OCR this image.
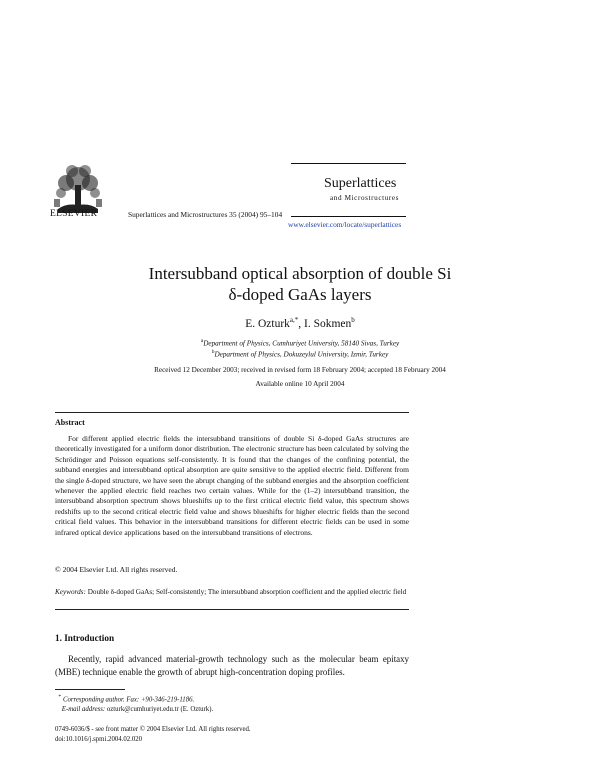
ELSEVIER	Superlattices and Microstructures 35 (2004) 95–104
Superlattices
and Microstructures
www.elsevier.com/locate/superlattices
Intersubband optical absorption of double Si
δ-doped GaAs layers
E. Ozturk$^{a,*}$, I. Sokmen$^b$
$^a$Department of Physics, Cumhuriyet University, 58140 Sivas, Turkey
$^b$Department of Physics, Dokuzeylul University, Izmir, Turkey
Received 12 December 2003; received in revised form 18 February 2004; accepted 18 February 2004
Available online 10 April 2004
Abstract

For different applied electric fields the intersubband transitions of double Si δ-doped GaAs structures are theoretically investigated for a uniform donor distribution. The electronic structure has been calculated by solving the Schrödinger and Poisson equations self-consistently. It is found that the changes of the confining potential, the subband energies and intersubband optical absorption are quite sensitive to the applied electric field. Different from the single δ-doped structure, we have seen the abrupt changing of the subband energies and the absorption coefficient whenever the applied electric field reaches two certain values. While for the (1–2) intersubband transition, the intersubband absorption spectrum shows blueshifts up to the first critical electric field value, this spectrum shows redshifts up to the second critical electric field value and shows blueshifts for higher electric fields than the second critical field values. This behavior in the intersubband transitions for different electric fields can be used in some infrared optical device applications based on the intersubband transitions of electrons.

© 2004 Elsevier Ltd. All rights reserved.
Keywords: Double δ-doped GaAs; Self-consistently; The intersubband absorption coefficient and the applied electric field
1. Introduction

Recently, rapid advanced material-growth technology such as the molecular beam epitaxy (MBE) technique enable the growth of abrupt high-concentration doping profiles.

* Corresponding author. Fax: +90-346-219-1186.
E-mail address: ozturk@cumhuriyet.edu.tr (E. Ozturk).
0749-6036/$ - see front matter © 2004 Elsevier Ltd. All rights reserved.
doi:10.1016/j.spmi.2004.02.020
